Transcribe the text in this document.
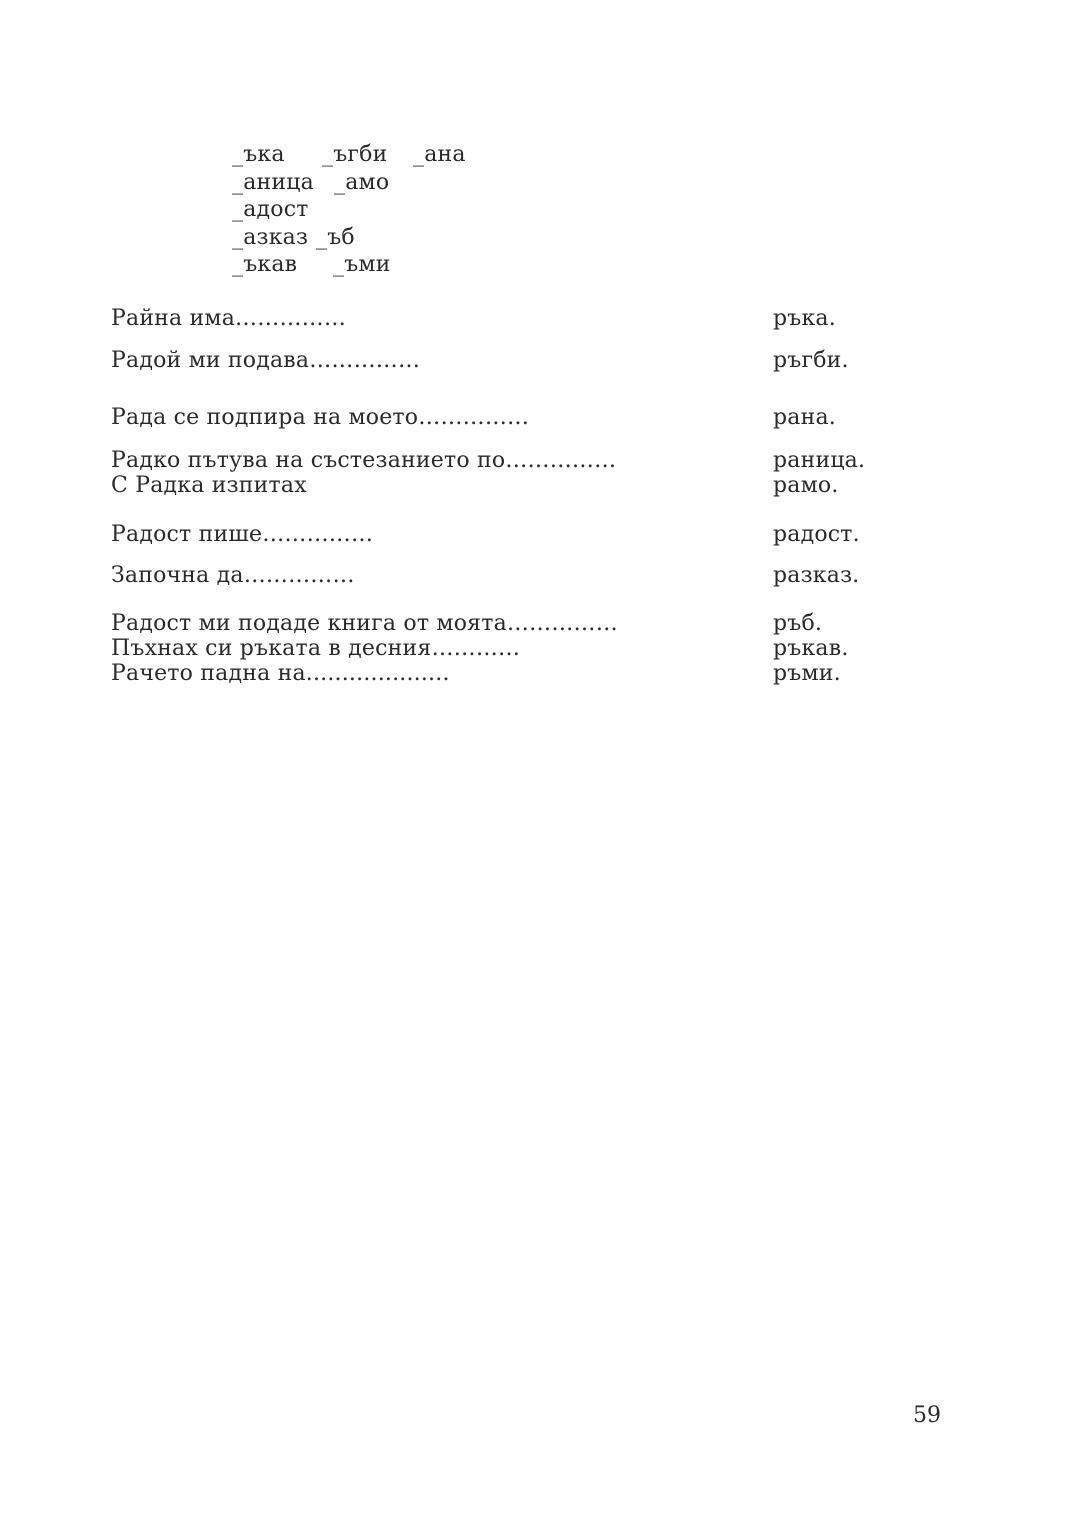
_ъка _ъгби _ана
_аница _амо
_адост
_азказ _ъб
_ъкав _ъми
Райна има……………	ръка.
Радой ми подава……………	ръгби.
Рада се подпира на моето……………	рана.
Радко пътува на състезанието по……………	раница.
С Радка изпитах	рамо.
Радост пише……………	радост.
Започна да……………	разказ.
Радост ми подаде книга от моята……………	ръб.
Пъхнах си ръката в десния…………	ръкав.
Рачето падна на....................	ръми.
59
